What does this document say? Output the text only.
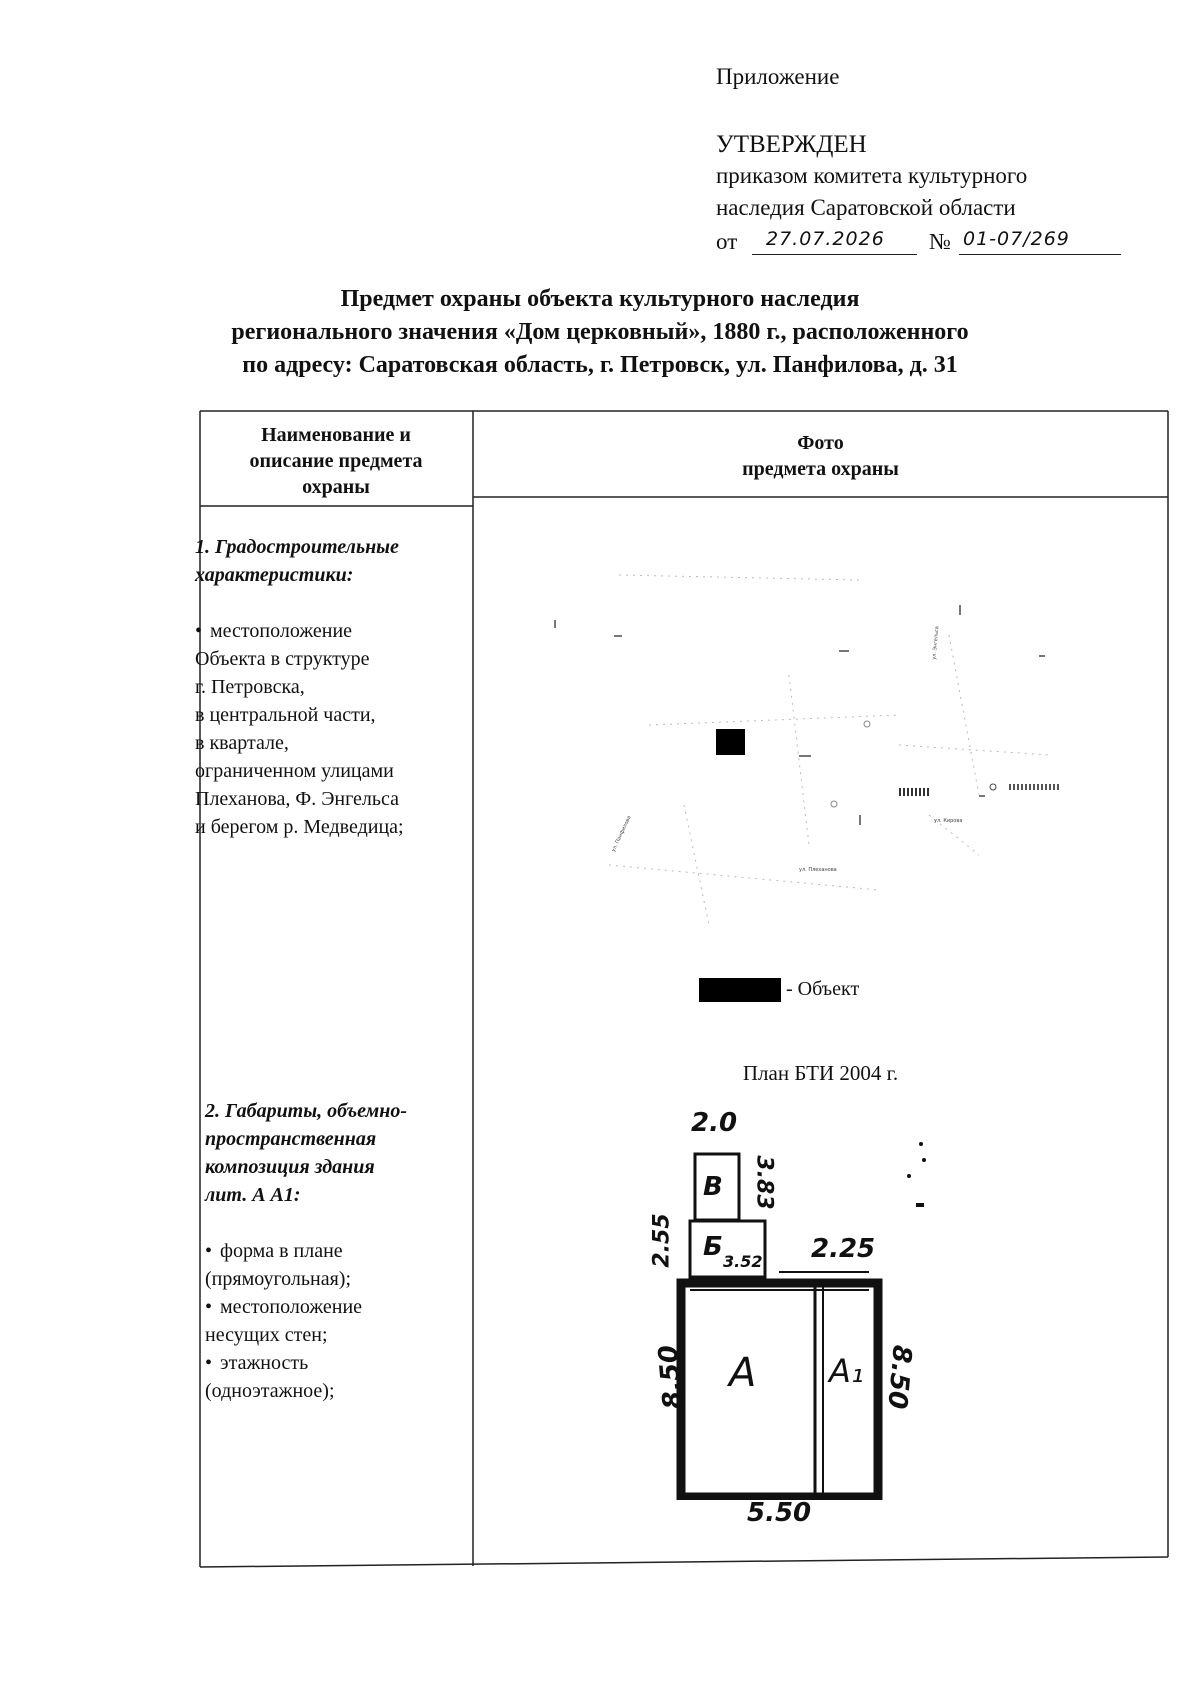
Приложение
УТВЕРЖДЕН
приказом комитета культурного
наследия Саратовской области
от 27.07.2026 № 01-07/269
Предмет охраны объекта культурного наследия
регионального значения «Дом церковный», 1880 г., расположенного
по адресу: Саратовская область, г. Петровск, ул. Панфилова, д. 31
Наименование и
описание предмета
охраны
Фото
предмета охраны
1. Градостроительные
характеристики:
• местоположение
Объекта в структуре
г. Петровска,
в центральной части,
в квартале,
ограниченном улицами
Плеханова, Ф. Энгельса
и берегом р. Медведица;
2. Габариты, объемно-
пространственная
композиция здания
лит. А А1:
• форма в плане
(прямоугольная);
• местоположение
несущих стен;
• этажность
(одноэтажное);
ул. Панфилова
ул. Плеханова
ул. Энгельса
ул. Кирова
- Объект
План БТИ 2004 г.
2.0
3.83
2.55	3.52 2.25
8.50	8.50
5.50
В
Б
А А₁
